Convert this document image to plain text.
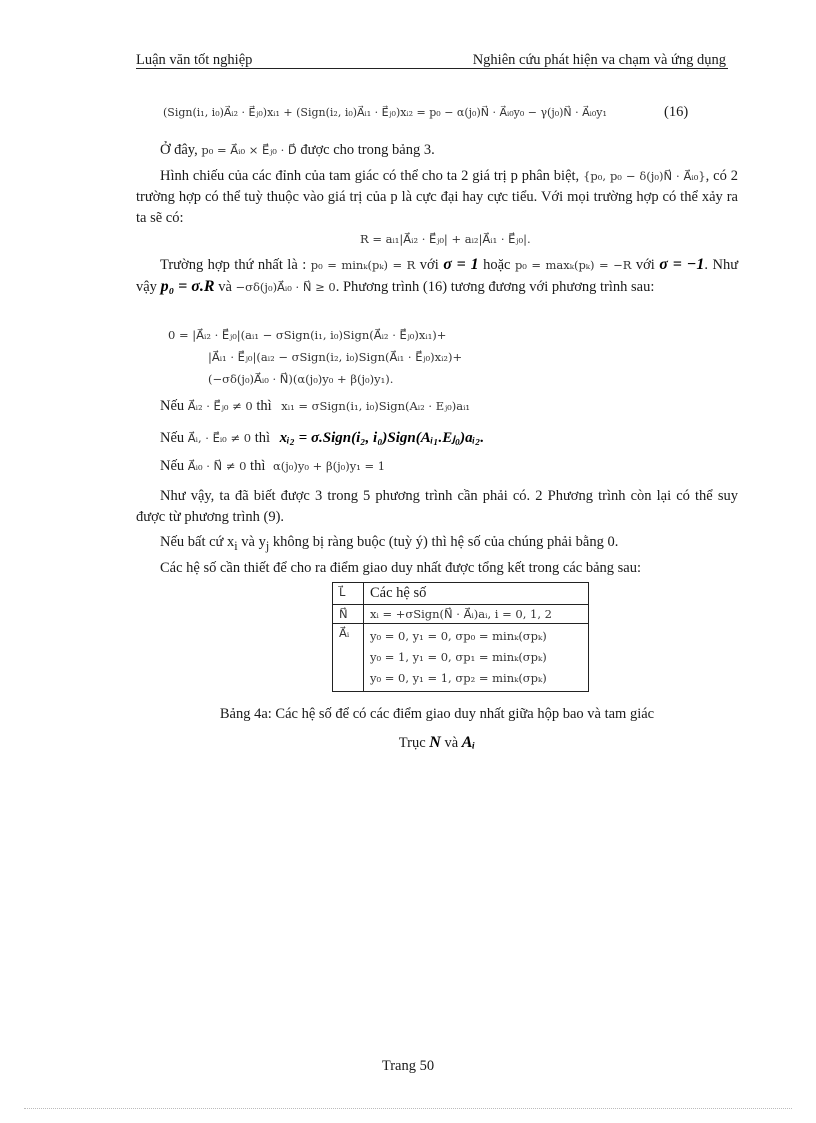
Luận văn tốt nghiệp	Nghiên cứu phát hiện va chạm và ứng dụng
(Sign(i₁, i₀)A⃗ᵢ₂ · E⃗ⱼ₀)xᵢ₁ + (Sign(i₂, i₀)A⃗ᵢ₁ · E⃗ⱼ₀)xᵢ₂ = p₀ − α(j₀)N⃗ · A⃗ᵢ₀y₀ − γ(j₀)N⃗ · A⃗ᵢ₀y₁	(16)
Ở đây, p₀ = A⃗ᵢ₀ × E⃗ⱼ₀ · D⃗ được cho trong bảng 3.
Hình chiếu của các đỉnh của tam giác có thể cho ta 2 giá trị p phân biệt, {p₀, p₀ − δ(j₀)N⃗ · A⃗ᵢ₀}, có 2 trường hợp có thể tuỳ thuộc vào giá trị của p là cực đại hay cực tiểu. Với mọi trường hợp có thể xảy ra ta sẽ có:
R = aᵢ₁|A⃗ᵢ₂ · E⃗ⱼ₀| + aᵢ₂|A⃗ᵢ₁ · E⃗ⱼ₀|.
Trường hợp thứ nhất là : p₀ = minₖ(pₖ) = R với σ = 1 hoặc p₀ = maxₖ(pₖ) = −R với σ = −1. Như vậy p₀ = σ.R và −σδ(j₀)A⃗ᵢ₀ · N⃗ ≥ 0. Phương trình (16) tương đương với phương trình sau:
0 = |A⃗ᵢ₂ · E⃗ⱼ₀|(aᵢ₁ − σSign(i₁, i₀)Sign(A⃗ᵢ₂ · E⃗ⱼ₀)xᵢ₁)+
|A⃗ᵢ₁ · E⃗ⱼ₀|(aᵢ₂ − σSign(i₂, i₀)Sign(A⃗ᵢ₁ · E⃗ⱼ₀)xᵢ₂)+
(−σδ(j₀)A⃗ᵢ₀ · N⃗)(α(j₀)y₀ + β(j₀)y₁).
Nếu A⃗ᵢ₂ · E⃗ⱼ₀ ≠ 0 thì xᵢ₁ = σSign(i₁, i₀)Sign(Aᵢ₂ · Eⱼ₀)aᵢ₁
Nếu A⃗ᵢ, · E⃗ᵢ₀ ≠ 0 thì xᵢ₂ = σ.Sign(i₂, i₀)Sign(Aᵢ₁.Eⱼ₀)aᵢ₂.
Nếu A⃗ᵢ₀ · N⃗ ≠ 0 thì α(j₀)y₀ + β(j₀)y₁ = 1
Như vậy, ta đã biết được 3 trong 5 phương trình cần phải có. 2 Phương trình còn lại có thể suy được từ phương trình (9).
Nếu bất cứ $x_i$ và $y_j$ không bị ràng buộc (tuỳ ý) thì hệ số của chúng phải bằng 0.
Các hệ số cần thiết để cho ra điểm giao duy nhất được tổng kết trong các bảng sau:
L⃗	Các hệ số
N⃗	xᵢ = +σSign(N⃗ · A⃗ᵢ)aᵢ, i = 0, 1, 2
A⃗ᵢ	y₀ = 0, y₁ = 0, σp₀ = minₖ(σpₖ)
y₀ = 1, y₁ = 0, σp₁ = minₖ(σpₖ)
y₀ = 0, y₁ = 1, σp₂ = minₖ(σpₖ)
Bảng 4a: Các hệ số để có các điểm giao duy nhất giữa hộp bao và tam giác
Trục N và Aᵢ
Trang 50
